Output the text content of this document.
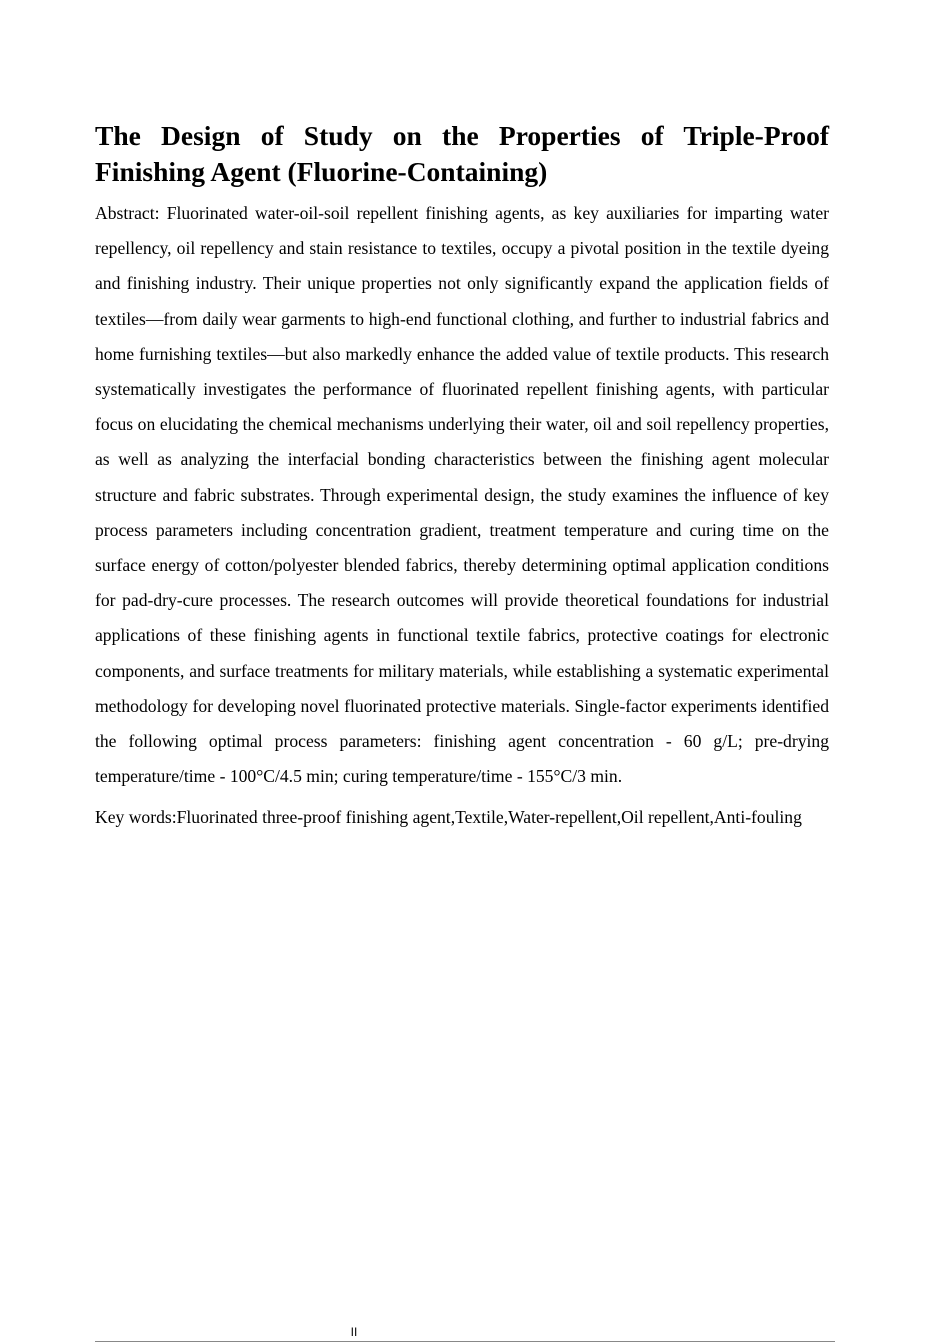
The Design of Study on the Properties of Triple-Proof Finishing Agent (Fluorine-Containing)

Abstract: Fluorinated water-oil-soil repellent finishing agents, as key auxiliaries for imparting water repellency, oil repellency and stain resistance to textiles, occupy a pivotal position in the textile dyeing and finishing industry. Their unique properties not only significantly expand the application fields of textiles—from daily wear garments to high-end functional clothing, and further to industrial fabrics and home furnishing textiles—but also markedly enhance the added value of textile products. This research systematically investigates the performance of fluorinated repellent finishing agents, with particular focus on elucidating the chemical mechanisms underlying their water, oil and soil repellency properties, as well as analyzing the interfacial bonding characteristics between the finishing agent molecular structure and fabric substrates. Through experimental design, the study examines the influence of key process parameters including concentration gradient, treatment temperature and curing time on the surface energy of cotton/polyester blended fabrics, thereby determining optimal application conditions for pad-dry-cure processes. The research outcomes will provide theoretical foundations for industrial applications of these finishing agents in functional textile fabrics, protective coatings for electronic components, and surface treatments for military materials, while establishing a systematic experimental methodology for developing novel fluorinated protective materials. Single-factor experiments identified the following optimal process parameters: finishing agent concentration - 60 g/L; pre-drying temperature/time - 100°C/4.5 min; curing temperature/time - 155°C/3 min.

Key words:Fluorinated three-proof finishing agent,Textile,Water-repellent,Oil repellent,Anti-fouling

II
